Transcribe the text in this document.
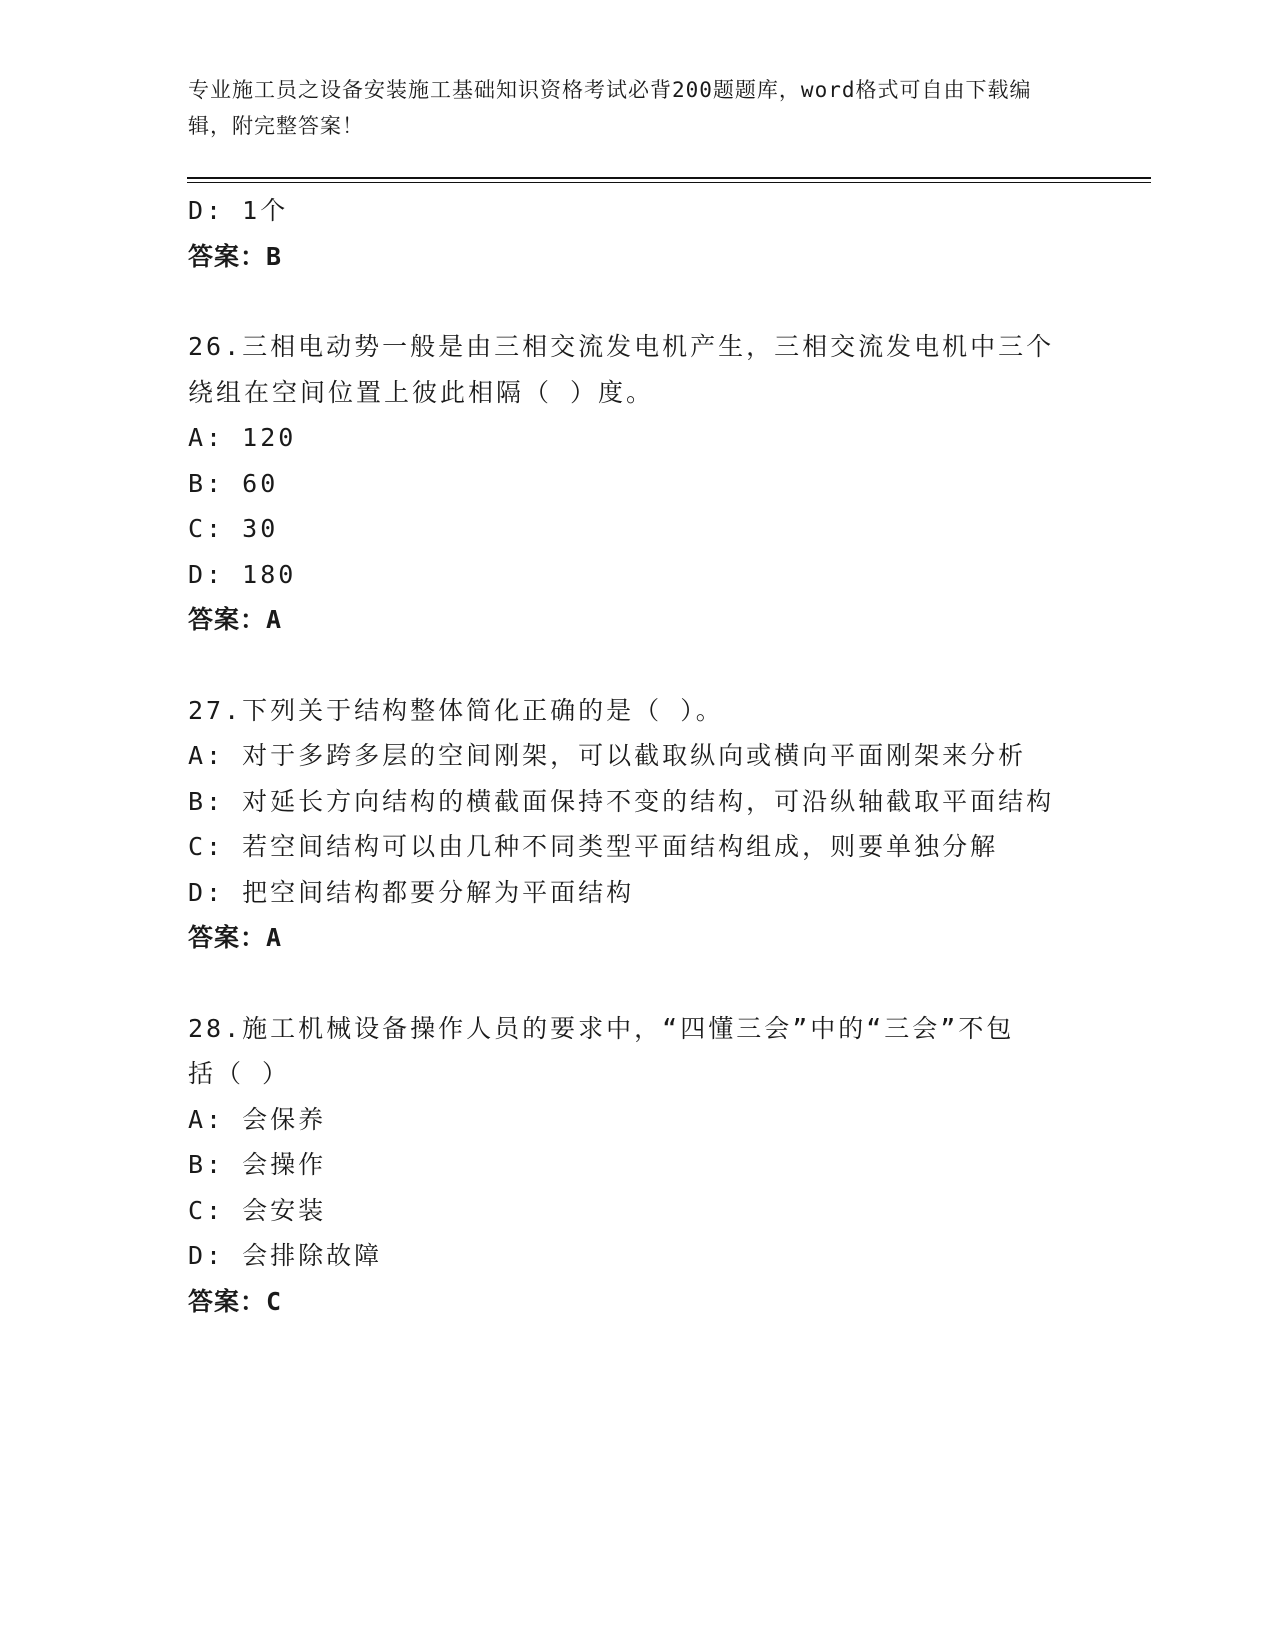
专业施工员之设备安装施工基础知识资格考试必背200题题库，word格式可自由下载编辑，附完整答案！
D: 1个
答案：B
26.三相电动势一般是由三相交流发电机产生，三相交流发电机中三个
绕组在空间位置上彼此相隔（ ）度。
A: 120
B: 60
C: 30
D: 180
答案：A
27.下列关于结构整体简化正确的是（ ）。
A: 对于多跨多层的空间刚架，可以截取纵向或横向平面刚架来分析
B: 对延长方向结构的横截面保持不变的结构，可沿纵轴截取平面结构
C: 若空间结构可以由几种不同类型平面结构组成，则要单独分解
D: 把空间结构都要分解为平面结构
答案：A
28.施工机械设备操作人员的要求中，“四懂三会”中的“三会”不包
括（ ）
A: 会保养
B: 会操作
C: 会安装
D: 会排除故障
答案：C
